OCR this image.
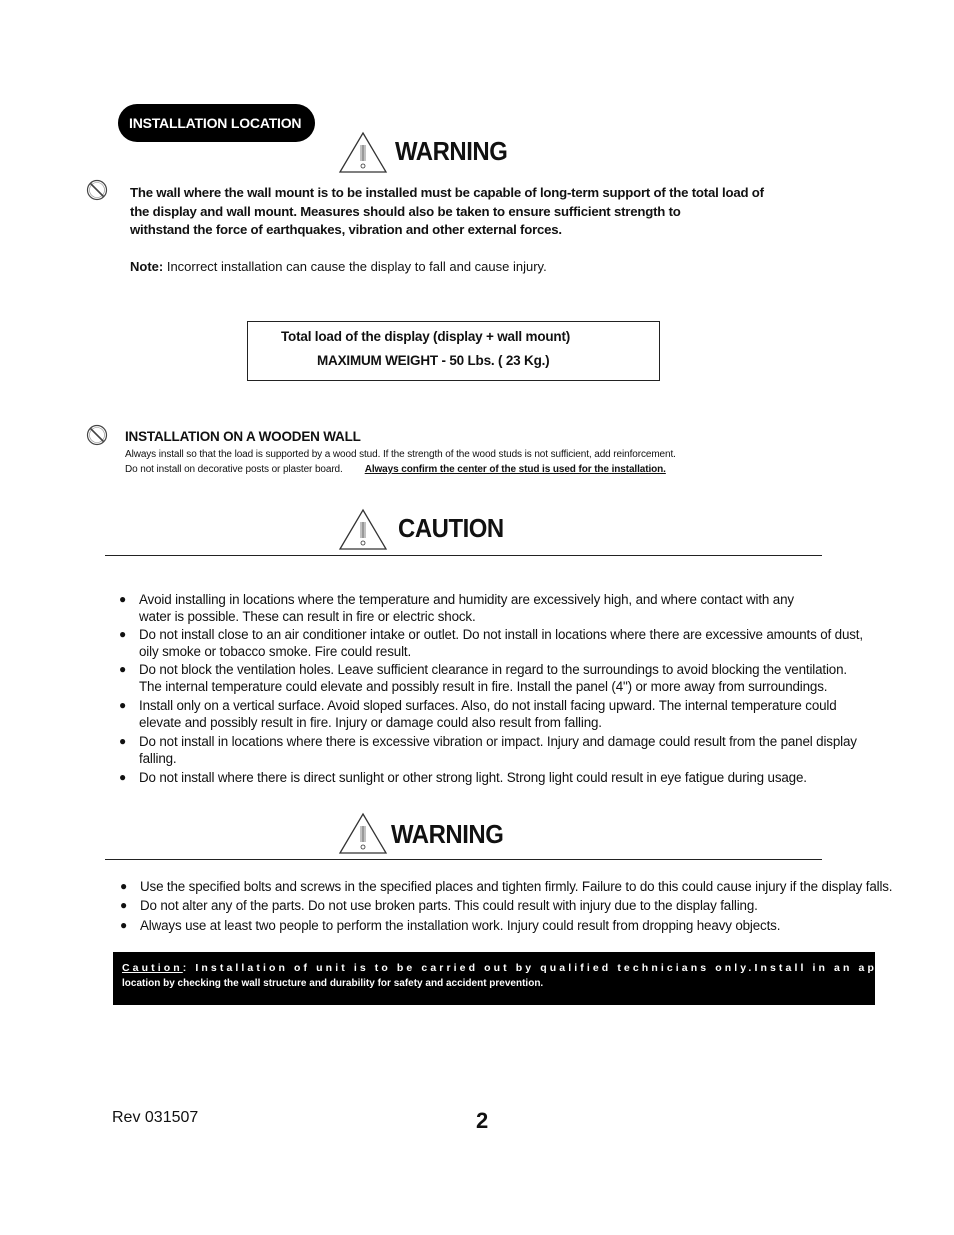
INSTALLATION LOCATION
WARNING
The wall where the wall mount is to be installed must be capable of long-term support of the total load of
the display and wall mount. Measures should also be taken to ensure sufficient strength to
withstand the force of earthquakes, vibration and other external forces.
Note: Incorrect installation can cause the display to fall and cause injury.
Total load of the display (display + wall mount)
MAXIMUM WEIGHT - 50 Lbs. ( 23 Kg.)
INSTALLATION ON A WOODEN WALL
Always install so that the load is supported by a wood stud. If the strength of the wood studs is not sufficient, add reinforcement.
Do not install on decorative posts or plaster board. Always confirm the center of the stud is used for the installation.
CAUTION
● Avoid installing in locations where the temperature and humidity are excessively high, and where contact with any
water is possible. These can result in fire or electric shock.
● Do not install close to an air conditioner intake or outlet. Do not install in locations where there are excessive amounts of dust,
oily smoke or tobacco smoke. Fire could result.
● Do not block the ventilation holes. Leave sufficient clearance in regard to the surroundings to avoid blocking the ventilation.
The internal temperature could elevate and possibly result in fire. Install the panel (4") or more away from surroundings.
● Install only on a vertical surface. Avoid sloped surfaces. Also, do not install facing upward. The internal temperature could
elevate and possibly result in fire. Injury or damage could also result from falling.
● Do not install in locations where there is excessive vibration or impact. Injury and damage could result from the panel display
falling.
● Do not install where there is direct sunlight or other strong light. Strong light could result in eye fatigue during usage.
WARNING
● Use the specified bolts and screws in the specified places and tighten firmly. Failure to do this could cause injury if the display falls.
● Do not alter any of the parts. Do not use broken parts. This could result with injury due to the display falling.
● Always use at least two people to perform the installation work. Injury could result from dropping heavy objects.
Caution: Installation of unit is to be carried out by qualified technicians only.Install in an appropriate
location by checking the wall structure and durability for safety and accident prevention.
Rev 031507	2
